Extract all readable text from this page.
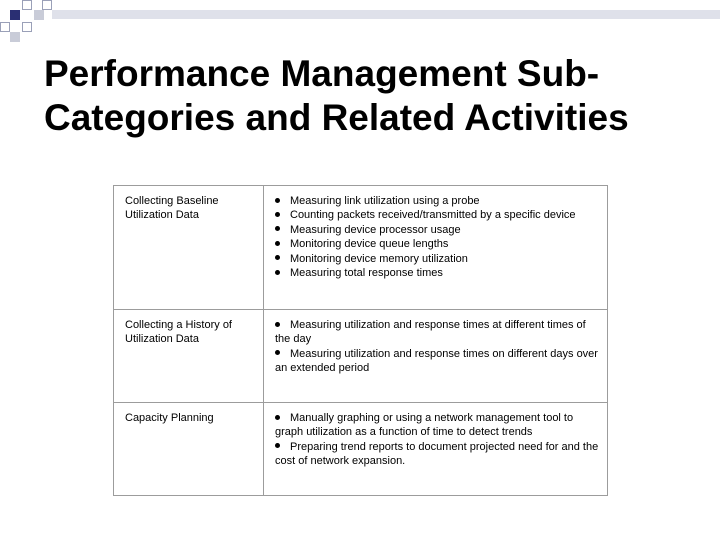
Performance Management Sub-
Categories and Related Activities
Collecting Baseline Utilization Data
Measuring link utilization using a probe
Counting packets received/transmitted by a specific device
Measuring device processor usage
Monitoring device queue lengths
Monitoring device memory utilization
Measuring total response times
Collecting a History of Utilization Data
Measuring utilization and response times at different times of the day
Measuring utilization and response times on different days over an extended period
Capacity Planning	Manually graphing or using a network management tool to graph utilization as a function of time to detect trends
Preparing trend reports to document projected need for and the cost of network expansion.
